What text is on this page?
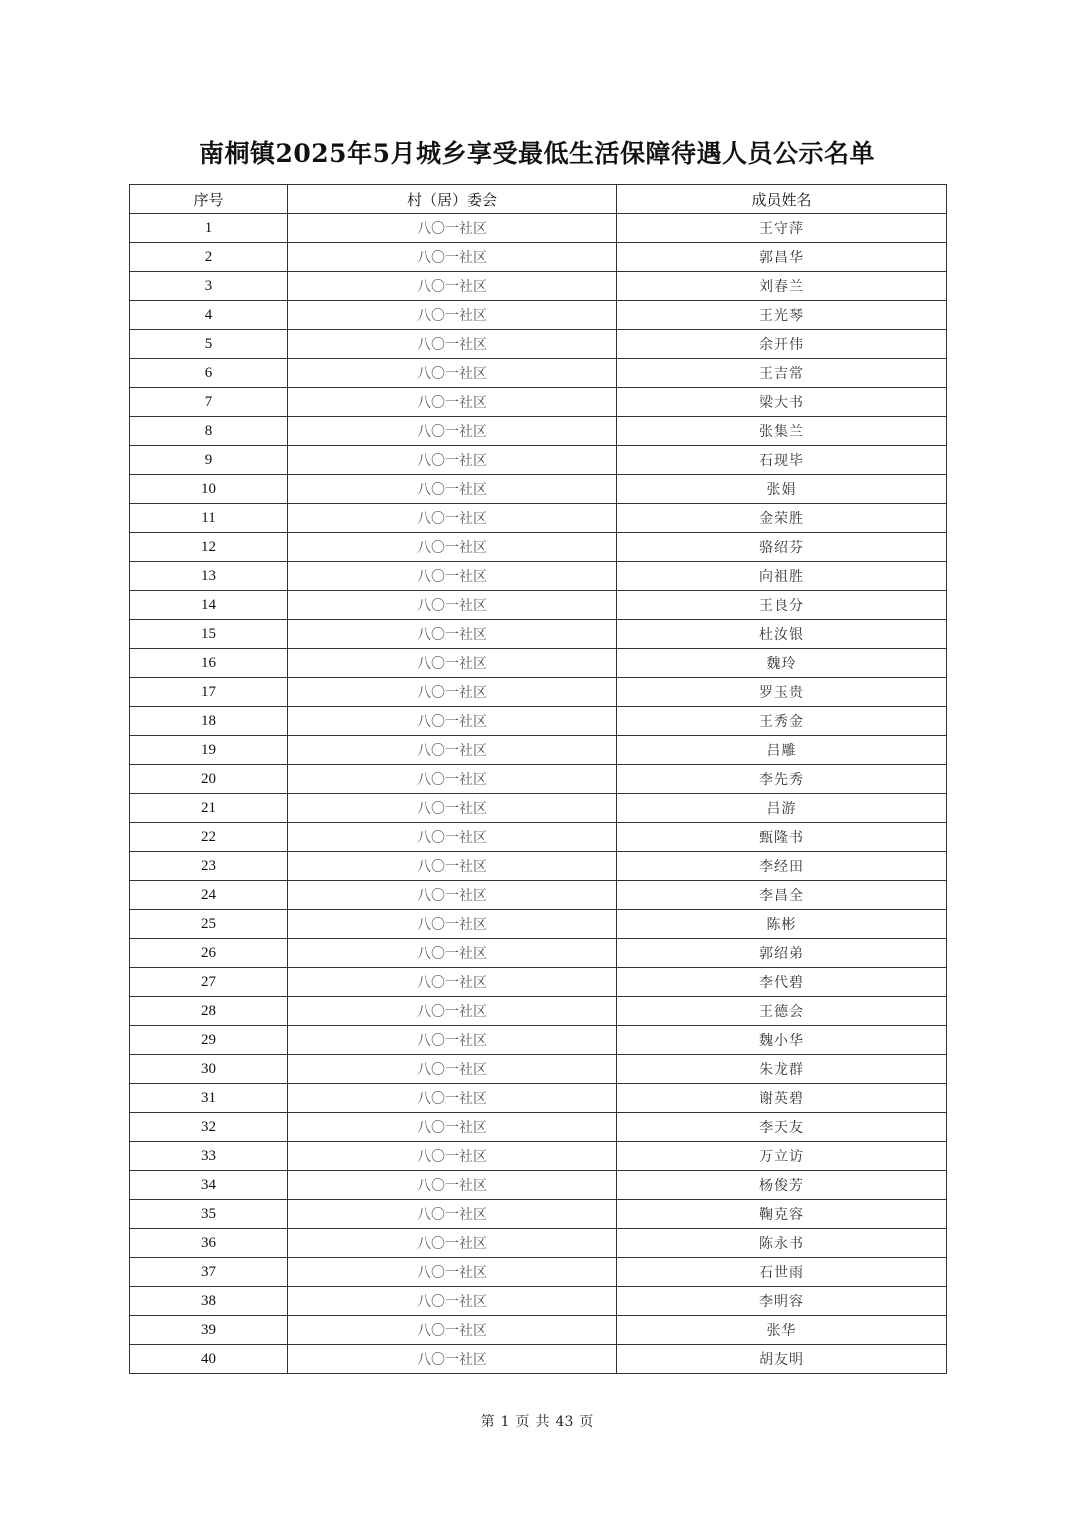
南桐镇2025年5月城乡享受最低生活保障待遇人员公示名单
序号	村（居）委会	成员姓名
1	八〇一社区	王守萍
2	八〇一社区	郭昌华
3	八〇一社区	刘春兰
4	八〇一社区	王光琴
5	八〇一社区	余开伟
6	八〇一社区	王吉常
7	八〇一社区	梁大书
8	八〇一社区	张集兰
9	八〇一社区	石现毕
10	八〇一社区	张娟
11	八〇一社区	金荣胜
12	八〇一社区	骆绍芬
13	八〇一社区	向祖胜
14	八〇一社区	王良分
15	八〇一社区	杜汝银
16	八〇一社区	魏玲
17	八〇一社区	罗玉贵
18	八〇一社区	王秀金
19	八〇一社区	吕雕
20	八〇一社区	李先秀
21	八〇一社区	吕游
22	八〇一社区	甄隆书
23	八〇一社区	李经田
24	八〇一社区	李昌全
25	八〇一社区	陈彬
26	八〇一社区	郭绍弟
27	八〇一社区	李代碧
28	八〇一社区	王德会
29	八〇一社区	魏小华
30	八〇一社区	朱龙群
31	八〇一社区	谢英碧
32	八〇一社区	李天友
33	八〇一社区	万立访
34	八〇一社区	杨俊芳
35	八〇一社区	鞠克容
36	八〇一社区	陈永书
37	八〇一社区	石世雨
38	八〇一社区	李明容
39	八〇一社区	张华
40	八〇一社区	胡友明
第 1 页 共 43 页
